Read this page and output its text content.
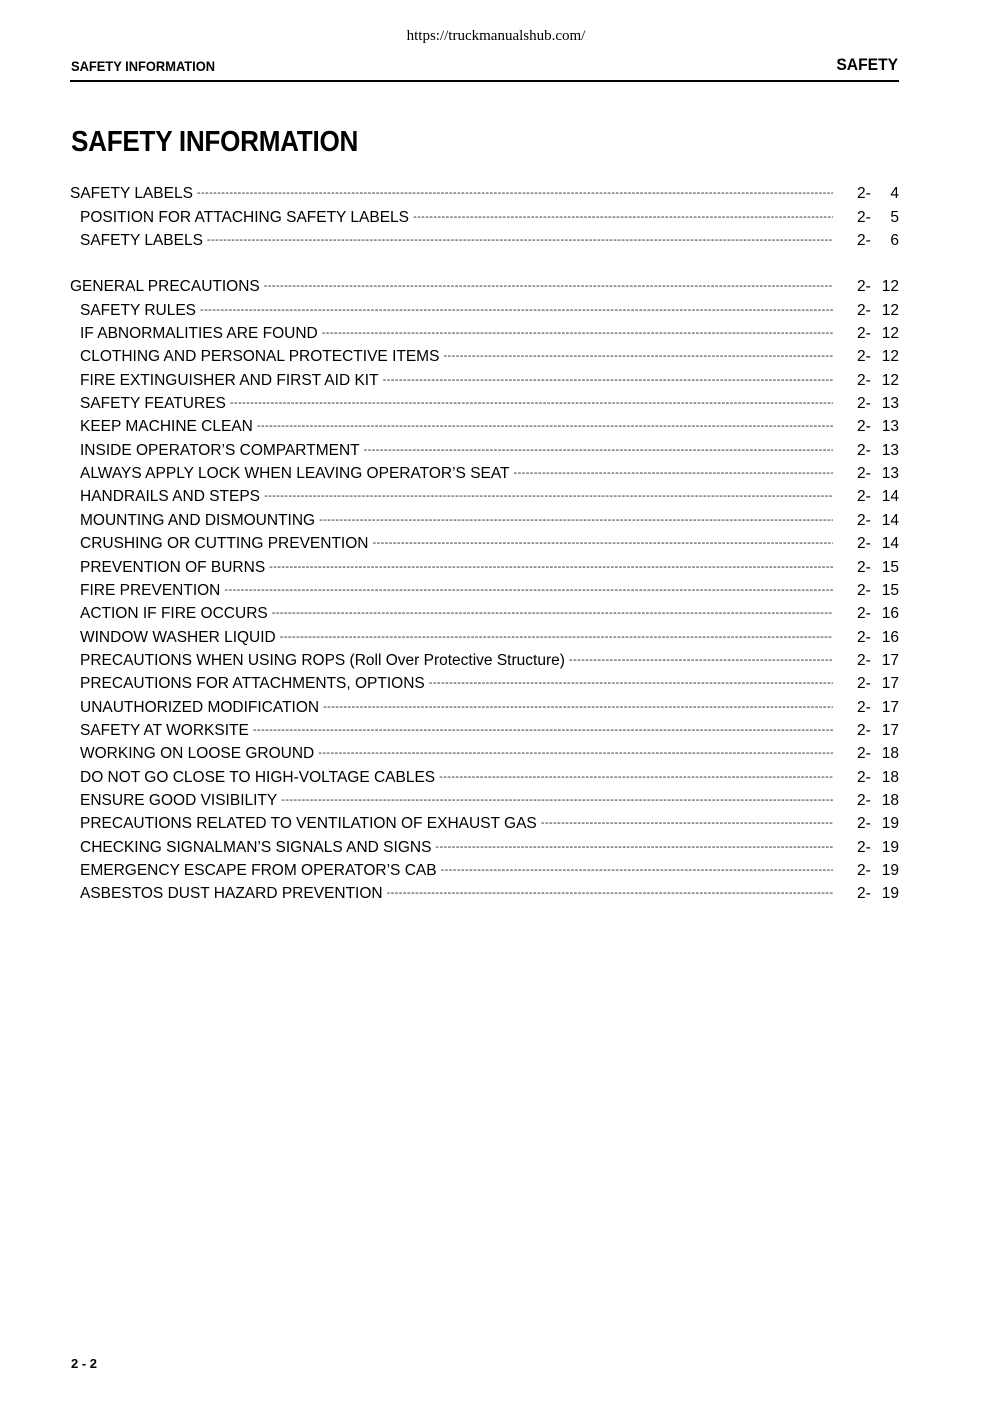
https://truckmanualshub.com/
SAFETY INFORMATION	SAFETY
SAFETY INFORMATION
SAFETY LABELS -----	2-	4
POSITION FOR ATTACHING SAFETY LABELS -----	2-	5
SAFETY LABELS -----	2-	6
GENERAL PRECAUTIONS -----	2- 12
SAFETY RULES -----	2- 12
IF ABNORMALITIES ARE FOUND -----	2- 12
CLOTHING AND PERSONAL PROTECTIVE ITEMS -----	2- 12
FIRE EXTINGUISHER AND FIRST AID KIT -----	2- 12
SAFETY FEATURES -----	2- 13
KEEP MACHINE CLEAN -----	2- 13
INSIDE OPERATOR’S COMPARTMENT -----	2- 13
ALWAYS APPLY LOCK WHEN LEAVING OPERATOR’S SEAT -----	2- 13
HANDRAILS AND STEPS -----	2- 14
MOUNTING AND DISMOUNTING -----	2- 14
CRUSHING OR CUTTING PREVENTION -----	2- 14
PREVENTION OF BURNS -----	2- 15
FIRE PREVENTION -----	2- 15
ACTION IF FIRE OCCURS -----	2- 16
WINDOW WASHER LIQUID -----	2- 16
PRECAUTIONS WHEN USING ROPS (Roll Over Protective Structure) -----	2- 17
PRECAUTIONS FOR ATTACHMENTS, OPTIONS -----	2- 17
UNAUTHORIZED MODIFICATION -----	2- 17
SAFETY AT WORKSITE -----	2- 17
WORKING ON LOOSE GROUND -----	2- 18
DO NOT GO CLOSE TO HIGH-VOLTAGE CABLES -----	2- 18
ENSURE GOOD VISIBILITY -----	2- 18
PRECAUTIONS RELATED TO VENTILATION OF EXHAUST GAS -----	2- 19
CHECKING SIGNALMAN’S SIGNALS AND SIGNS -----	2- 19
EMERGENCY ESCAPE FROM OPERATOR’S CAB -----	2- 19
ASBESTOS DUST HAZARD PREVENTION -----	2- 19
2 - 2
